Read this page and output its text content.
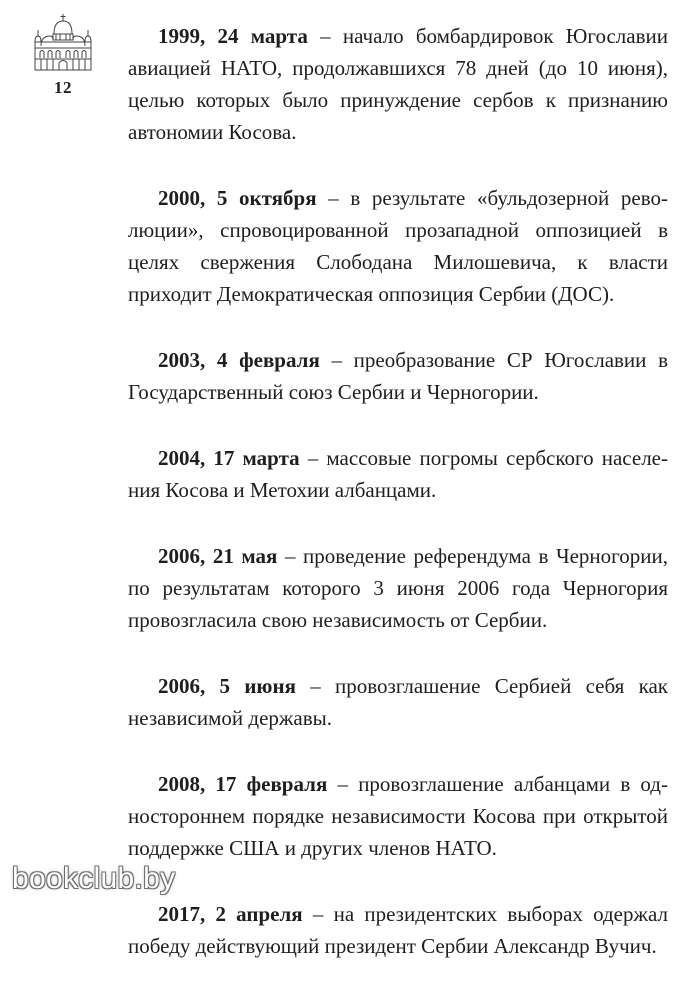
12

1999, 24 марта – начало бомбардировок Югославии авиацией НАТО, продолжавшихся 78 дней (до 10 июня), целью которых было принуждение сербов к признанию автономии Косова.

2000, 5 октября – в результате «бульдозерной революции», спровоцированной прозападной оппозицией в целях свержения Слободана Милошевича, к власти приходит Демократическая оппозиция Сербии (ДОС).

2003, 4 февраля – преобразование СР Югославии в Государственный союз Сербии и Черногории.

2004, 17 марта – массовые погромы сербского населения Косова и Метохии албанцами.

2006, 21 мая – проведение референдума в Черногории, по результатам которого 3 июня 2006 года Черногория провозгласила свою независимость от Сербии.

2006, 5 июня – провозглашение Сербией себя как независимой державы.

2008, 17 февраля – провозглашение албанцами в одностороннем порядке независимости Косова при открытой поддержке США и других членов НАТО.

2017, 2 апреля – на президентских выборах одержал победу действующий президент Сербии Александр Вучич.

bookclub.by
